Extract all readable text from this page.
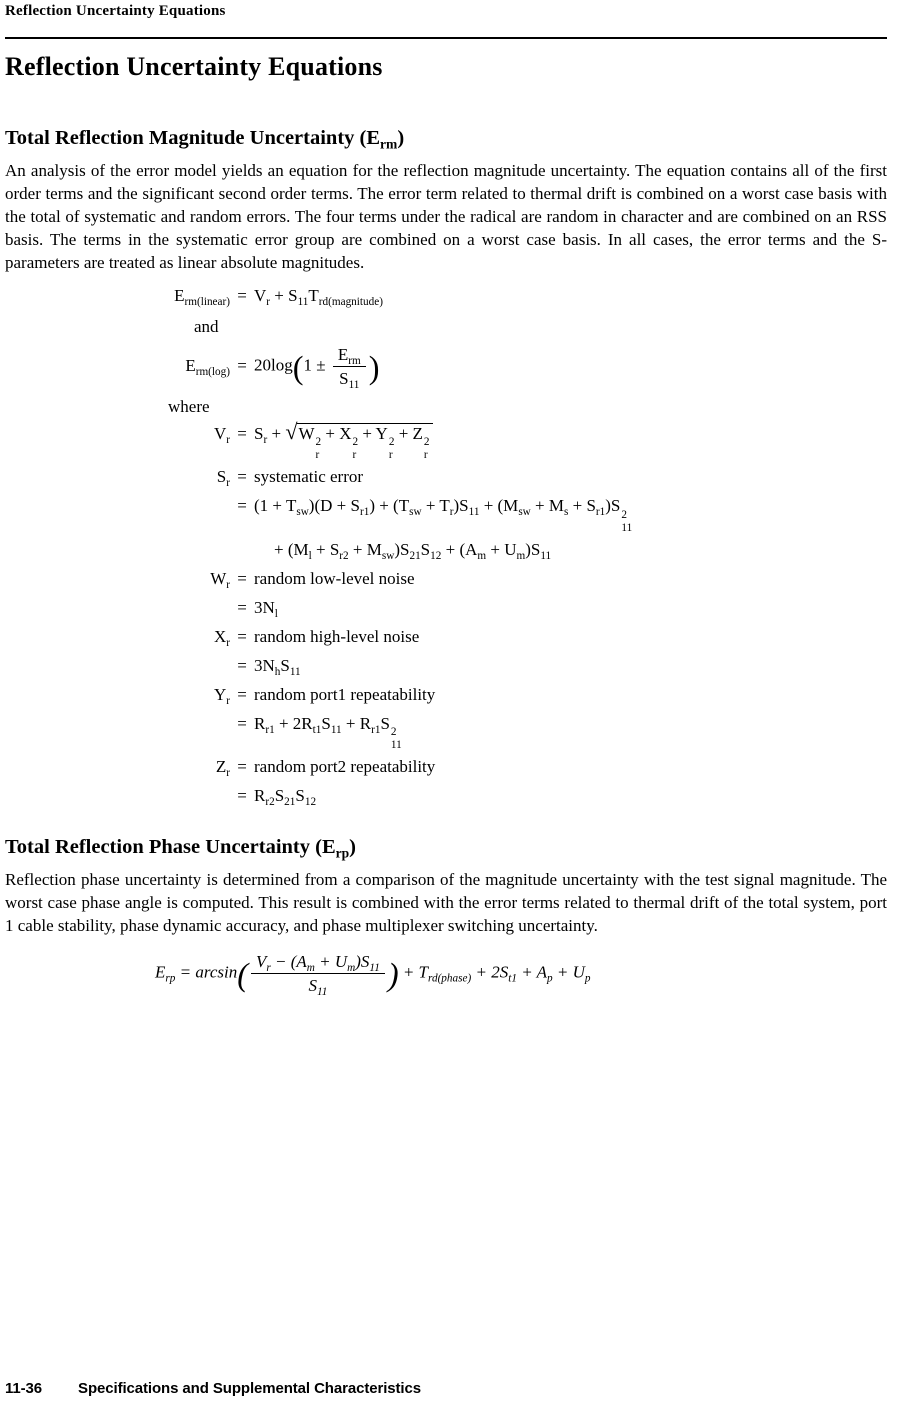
Reflection Uncertainty Equations
Reflection Uncertainty Equations
Total Reflection Magnitude Uncertainty $(E_{rm})$

An analysis of the error model yields an equation for the reflection magnitude uncertainty. The equation contains all of the first order terms and the significant second order terms. The error term related to thermal drift is combined on a worst case basis with the total of systematic and random errors. The four terms under the radical are random in character and are combined on an RSS basis. The terms in the systematic error group are combined on a worst case basis. In all cases, the error terms and the S-parameters are treated as linear absolute magnitudes.

$E_{rm(linear)} = V_r + S_{11}T_{rd(magnitude)}$
and
$E_{rm(log)} = 20\log(1 \pm \frac{E_{rm}}{S_{11}}$ )
where
$V_r = S_r + √W$ 2
r
+ X 2
r
+ Y 2
r
+ Z 2
r
$S_r$ = systematic error
= $(1 + T_{sw})(D + S_{r1}) + (T_{sw} + T_r)S_{11} + (M_{sw} + M_s + S_{r1})S$ 2
11
+ $(M_l + S_{r2} + M_{sw})S_{21}S_{12} + (A_m + U_m)S_{11}$
$W_r$ = random low-level noise
= $3N_l$
$X_r$ = random high-level noise
= $3N_hS_{11}$
$Y_r$ = random port1 repeatability
= $R_{r1} + 2R_{t1}S_{11} + R_{r1}S$ 2
11
$Z_r$ = random port2 repeatability
= $R_{r2}S_{21}S_{12}$
Total Reflection Phase Uncertainty $(E_{rp})$

Reflection phase uncertainty is determined from a comparison of the magnitude uncertainty with the test signal magnitude. The worst case phase angle is computed. This result is combined with the error terms related to thermal drift of the total system, port 1 cable stability, phase dynamic accuracy, and phase multiplexer switching uncertainty.

$E_{rp} = \arcsin( \frac{V_r - (A_m + U_m)S_{11}}{S_{11}}$ ) + $T_{rd(phase)} + 2S_{t1} + A_p + U_p$
11-36 Specifications and Supplemental Characteristics
